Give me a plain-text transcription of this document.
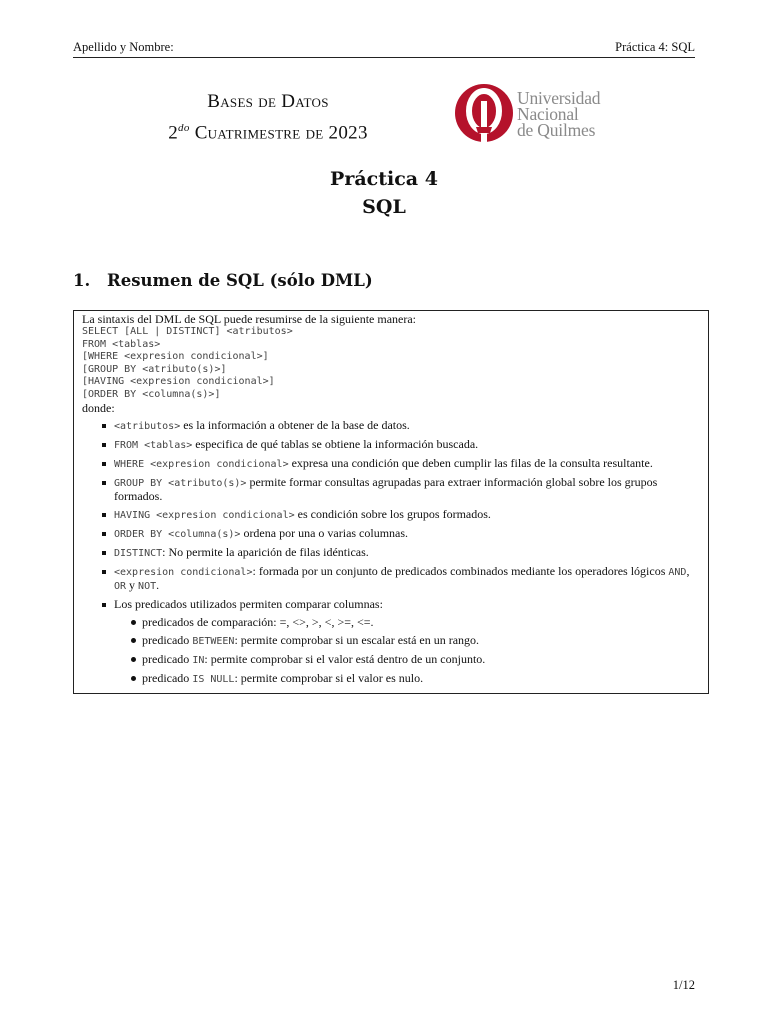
Apellido y Nombre:	Práctica 4: SQL
Bases de Datos
$2^{do}$ Cuatrimestre de 2023
Universidad
Nacional
de Quilmes
Práctica 4
SQL
1. Resumen de SQL (sólo DML)
La sintaxis del DML de SQL puede resumirse de la siguiente manera:
SELECT [ALL | DISTINCT] <atributos>
FROM <tablas>
[WHERE <expresion condicional>]
[GROUP BY <atributo(s)>]
[HAVING <expresion condicional>]
[ORDER BY <columna(s)>]
donde:
<atributos> es la información a obtener de la base de datos.
FROM <tablas> especifica de qué tablas se obtiene la información buscada.
WHERE <expresion condicional> expresa una condición que deben cumplir las filas de la consulta resultante.
GROUP BY <atributo(s)> permite formar consultas agrupadas para extraer información global sobre los grupos formados.
HAVING <expresion condicional> es condición sobre los grupos formados.
ORDER BY <columna(s)> ordena por una o varias columnas.
DISTINCT: No permite la aparición de filas idénticas.
<expresion condicional>: formada por un conjunto de predicados combinados mediante los operadores lógicos AND, OR y NOT.
Los predicados utilizados permiten comparar columnas:
predicados de comparación: =, <>, >, <, >=, <=.
predicado BETWEEN: permite comprobar si un escalar está en un rango.
predicado IN: permite comprobar si el valor está dentro de un conjunto.
predicado IS NULL: permite comprobar si el valor es nulo.
1/12
